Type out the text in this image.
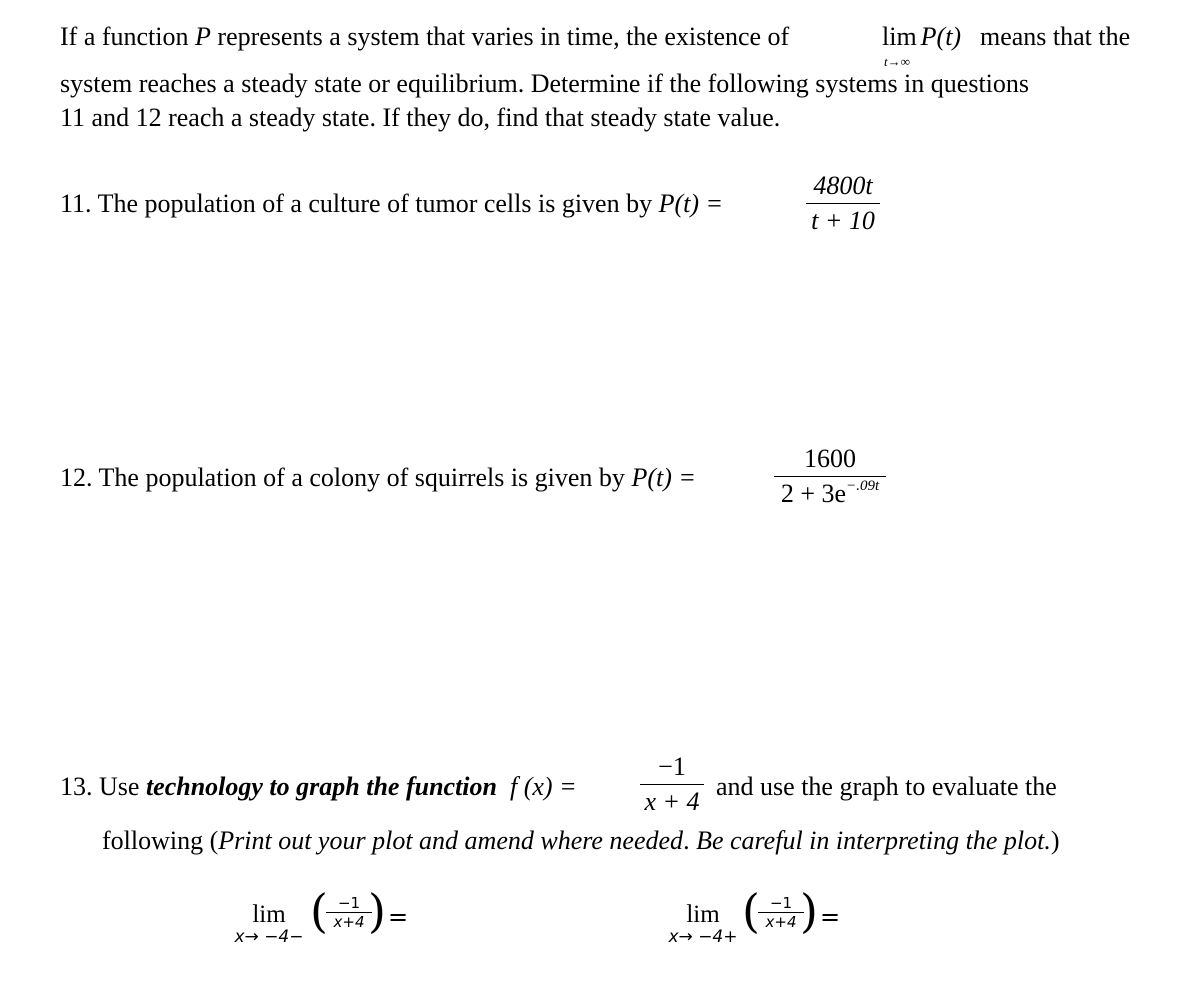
If a function P represents a system that varies in time, the existence of	lim P(t)
t→∞
means that the
system reaches a steady state or equilibrium. Determine if the following systems in questions
11 and 12 reach a steady state. If they do, find that steady state value.
11. The population of a culture of tumor cells is given by P(t) =
4800t
t + 10
12. The population of a colony of squirrels is given by P(t) =
1600
$2 + 3e^{-.09t}$
13. Use technology to graph the function f (x) =
−1
x + 4
and use the graph to evaluate the
following (Print out your plot and amend where needed. Be careful in interpreting the plot.)
lim
x→ −4− ( −1
x+4 ) =	lim
x→ −4+ ( −1
x+4 ) =
